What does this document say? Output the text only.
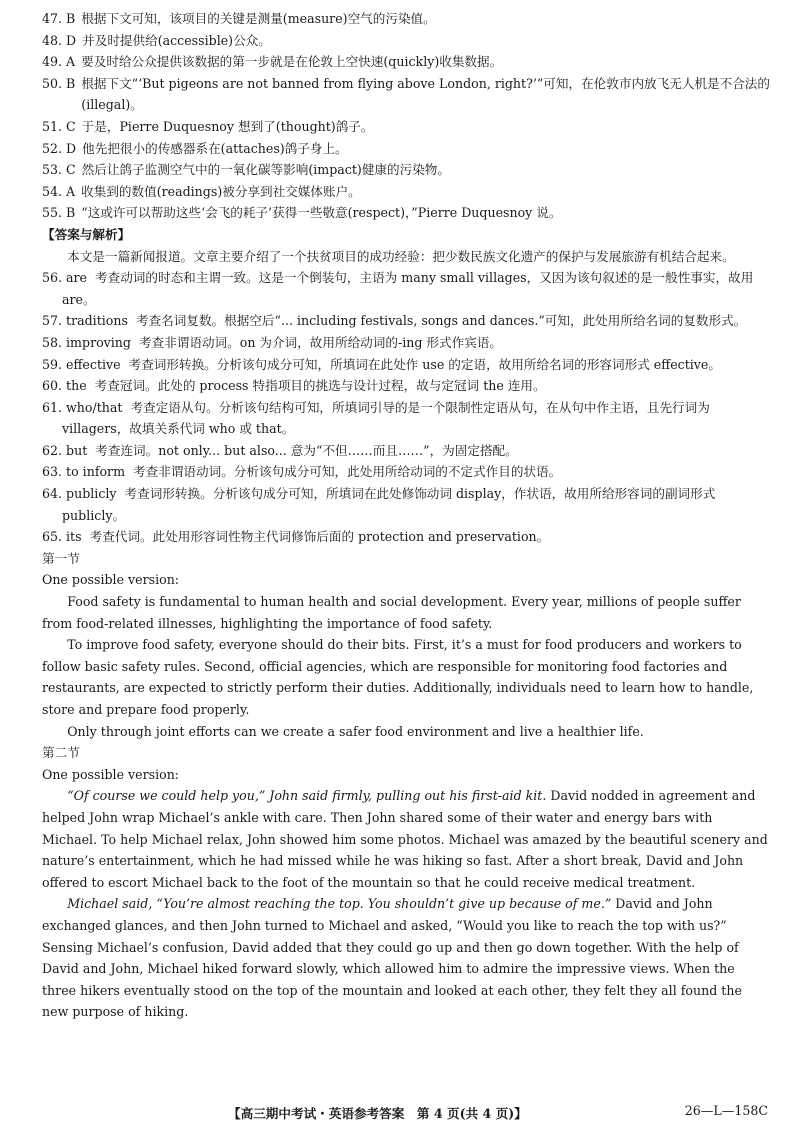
47. B 根据下文可知，该项目的关键是测量(measure)空气的污染值。
48. D 并及时提供给(accessible)公众。
49. A 要及时给公众提供该数据的第一步就是在伦敦上空快速(quickly)收集数据。
50. B 根据下文“‘But pigeons are not banned from flying above London, right?’”可知，在伦敦市内放飞无人机是不合法的(illegal)。
51. C 于是，Pierre Duquesnoy 想到了(thought)鸽子。
52. D 他先把很小的传感器系在(attaches)鸽子身上。
53. C 然后让鸽子监测空气中的一氧化碳等影响(impact)健康的污染物。
54. A 收集到的数值(readings)被分享到社交媒体账户。
55. B “这或许可以帮助这些‘会飞的耗子’获得一些敬意(respect)，”Pierre Duquesnoy 说。
【答案与解析】
本文是一篇新闻报道。文章主要介绍了一个扶贫项目的成功经验：把少数民族文化遗产的保护与发展旅游有机结合起来。
56. are 考查动词的时态和主谓一致。这是一个倒装句，主语为 many small villages，又因为该句叙述的是一般性事实，故用 are。
57. traditions 考查名词复数。根据空后“... including festivals, songs and dances.”可知，此处用所给名词的复数形式。
58. improving 考查非谓语动词。on 为介词，故用所给动词的-ing 形式作宾语。
59. effective 考查词形转换。分析该句成分可知，所填词在此处作 use 的定语，故用所给名词的形容词形式 effective。
60. the 考查冠词。此处的 process 特指项目的挑选与设计过程，故与定冠词 the 连用。
61. who/that 考查定语从句。分析该句结构可知，所填词引导的是一个限制性定语从句，在从句中作主语，且先行词为 villagers，故填关系代词 who 或 that。
62. but 考查连词。not only... but also... 意为“不但……而且……”，为固定搭配。
63. to inform 考查非谓语动词。分析该句成分可知，此处用所给动词的不定式作目的状语。
64. publicly 考查词形转换。分析该句成分可知，所填词在此处修饰动词 display，作状语，故用所给形容词的副词形式 publicly。
65. its 考查代词。此处用形容词性物主代词修饰后面的 protection and preservation。
第一节
One possible version:
Food safety is fundamental to human health and social development. Every year, millions of people suffer from food-related illnesses, highlighting the importance of food safety.
To improve food safety, everyone should do their bits. First, it’s a must for food producers and workers to follow basic safety rules. Second, official agencies, which are responsible for monitoring food factories and restaurants, are expected to strictly perform their duties. Additionally, individuals need to learn how to handle, store and prepare food properly.
Only through joint efforts can we create a safer food environment and live a healthier life.
第二节
One possible version:
“Of course we could help you,” John said firmly, pulling out his first-aid kit. David nodded in agreement and helped John wrap Michael’s ankle with care. Then John shared some of their water and energy bars with Michael. To help Michael relax, John showed him some photos. Michael was amazed by the beautiful scenery and nature’s entertainment, which he had missed while he was hiking so fast. After a short break, David and John offered to escort Michael back to the foot of the mountain so that he could receive medical treatment.
Michael said, “You’re almost reaching the top. You shouldn’t give up because of me.” David and John exchanged glances, and then John turned to Michael and asked, “Would you like to reach the top with us?” Sensing Michael’s confusion, David added that they could go up and then go down together. With the help of David and John, Michael hiked forward slowly, which allowed him to admire the impressive views. When the three hikers eventually stood on the top of the mountain and looked at each other, they felt they all found the new purpose of hiking.
【高三期中考试・英语参考答案　第 4 页(共 4 页)】	26—L—158C
